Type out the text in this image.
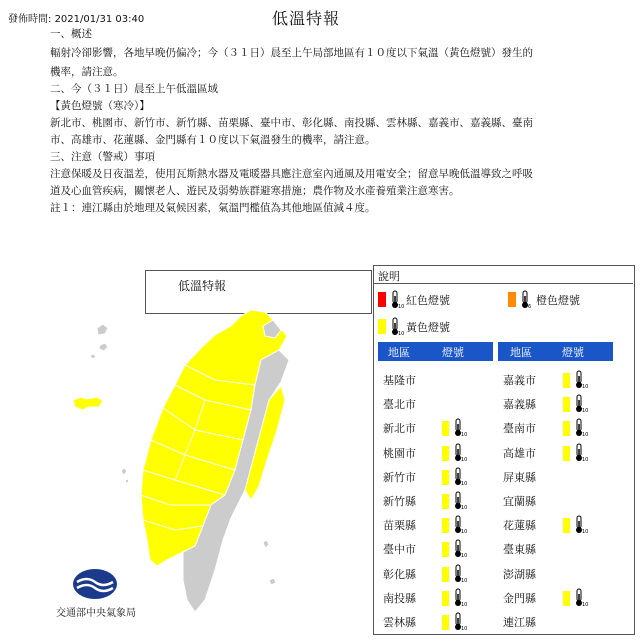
發佈時間: 2021/01/31 03:40	低溫特報
一、概述
輻射冷卻影響，各地早晚仍偏冷；今（３１日）晨至上午局部地區有１０度以下氣溫（黃色燈號）發生的
機率，請注意。
二、今（３１日）晨至上午低溫區域
【黃色燈號（寒冷）】
新北市、桃園市、新竹市、新竹縣、苗栗縣、臺中市、彰化縣、南投縣、雲林縣、嘉義市、嘉義縣、臺南
市、高雄市、花蓮縣、金門縣有１０度以下氣溫發生的機率，請注意。
三、注意（警戒）事項
注意保暖及日夜溫差，使用瓦斯熱水器及電暖器具應注意室內通風及用電安全；留意早晚低溫導致之呼吸
道及心血管疾病，關懷老人、遊民及弱勢族群避寒措施；農作物及水產養殖業注意寒害。
註１：連江縣由於地理及氣候因素，氣溫門檻值為其他地區值減４度。
低溫特報
交通部中央氣象局
說明
10
紅色燈號
6
橙色燈號
10
黃色燈號
地區	燈號	地區	燈號
基隆市
臺北市
新北市	10
桃園市	10
新竹市	10
新竹縣	10
苗栗縣	10
臺中市	10
彰化縣	10
南投縣	10
雲林縣	10
嘉義市	10
嘉義縣	10
臺南市	10
高雄市	10
屏東縣
宜蘭縣
花蓮縣	10
臺東縣
澎湖縣
金門縣	10
連江縣
